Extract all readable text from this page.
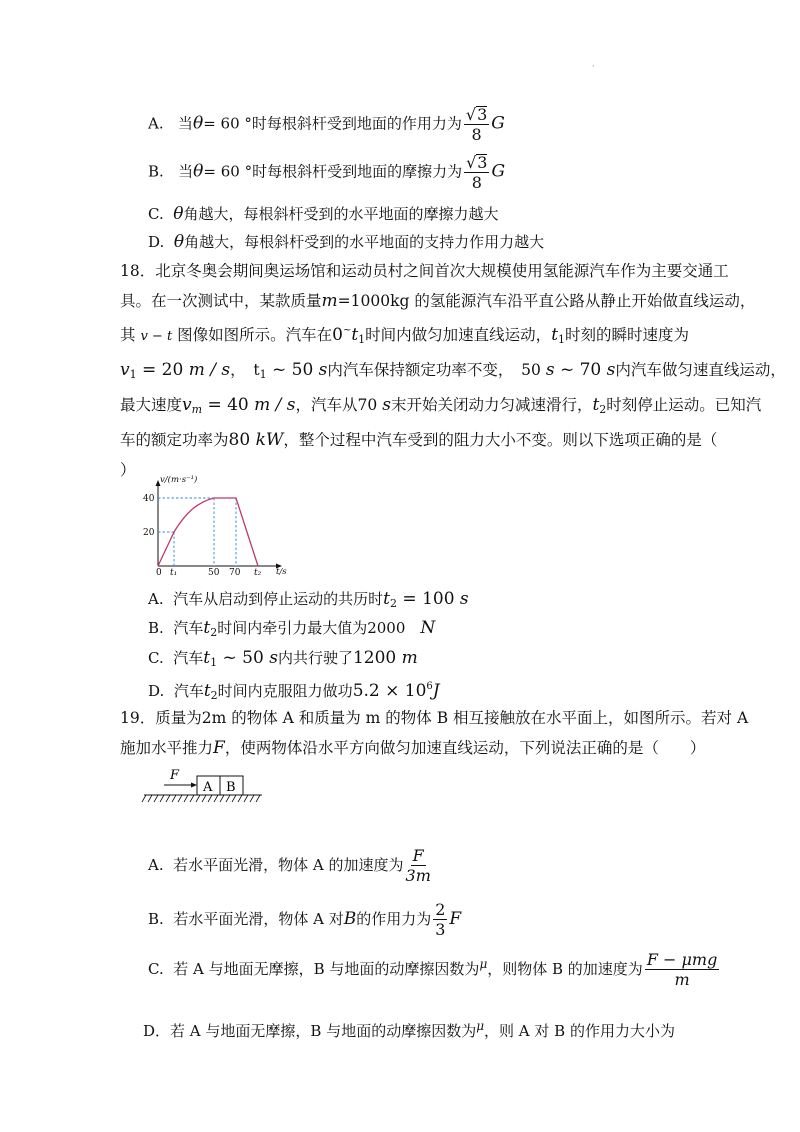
·
A. 当θ= 60 °时每根斜杆受到地面的作用力为 $\frac{√3}{8}$ G
B. 当θ= 60 °时每根斜杆受到地面的摩擦力为 $\frac{√3}{8}$ G
C. θ角越大，每根斜杆受到的水平地面的摩擦力越大
D. θ角越大，每根斜杆受到的水平地面的支持力作用力越大
18．北京冬奥会期间奥运场馆和运动员村之间首次大规模使用氢能源汽车作为主要交通工
具。在一次测试中，某款质量m=1000kg 的氢能源汽车沿平直公路从静止开始做直线运动，
其 v − t 图像如图所示。汽车在$0^\sim t_1$时间内做匀加速直线运动，$t_1$时刻的瞬时速度为
$v_1 = 20$ m / s，　$t_1$ ~ 50 s内汽车保持额定功率不变，　50 s ~ 70 s内汽车做匀速直线运动，
最大速度$v_m = 40$ m / s，汽车从70 s末开始关闭动力匀减速滑行，$t_2$时刻停止运动。已知汽
车的额定功率为80 kW，整个过程中汽车受到的阻力大小不变。则以下选项正确的是（
）
v/(m·s⁻¹)
t/s
40
20
0 t₁	50 70 t₂
A. 汽车从启动到停止运动的共历时$t_2 = 100$ s
B. 汽车$t_2$时间内牵引力最大值为2000　N
C. 汽车$t_1$ ~ 50 s内共行驶了1200 m
D. 汽车$t_2$时间内克服阻力做功$5.2 \times 10^6J$
19．质量为2m 的物体 A 和质量为 m 的物体 B 相互接触放在水平面上，如图所示。若对 A
施加水平推力F，使两物体沿水平方向做匀加速直线运动，下列说法正确的是（　　）
F
A B
A. 若水平面光滑，物体 A 的加速度为 $\frac{F}{3m}$
B. 若水平面光滑，物体 A 对B的作用力为 $\frac{2}{3}$ F
C. 若 A 与地面无摩擦，B 与地面的动摩擦因数为$^\mu$，则物体 B 的加速度为 $\frac{\text{F − μmg}}{m}$
D．若 A 与地面无摩擦，B 与地面的动摩擦因数为$^\mu$，则 A 对 B 的作用力大小为
